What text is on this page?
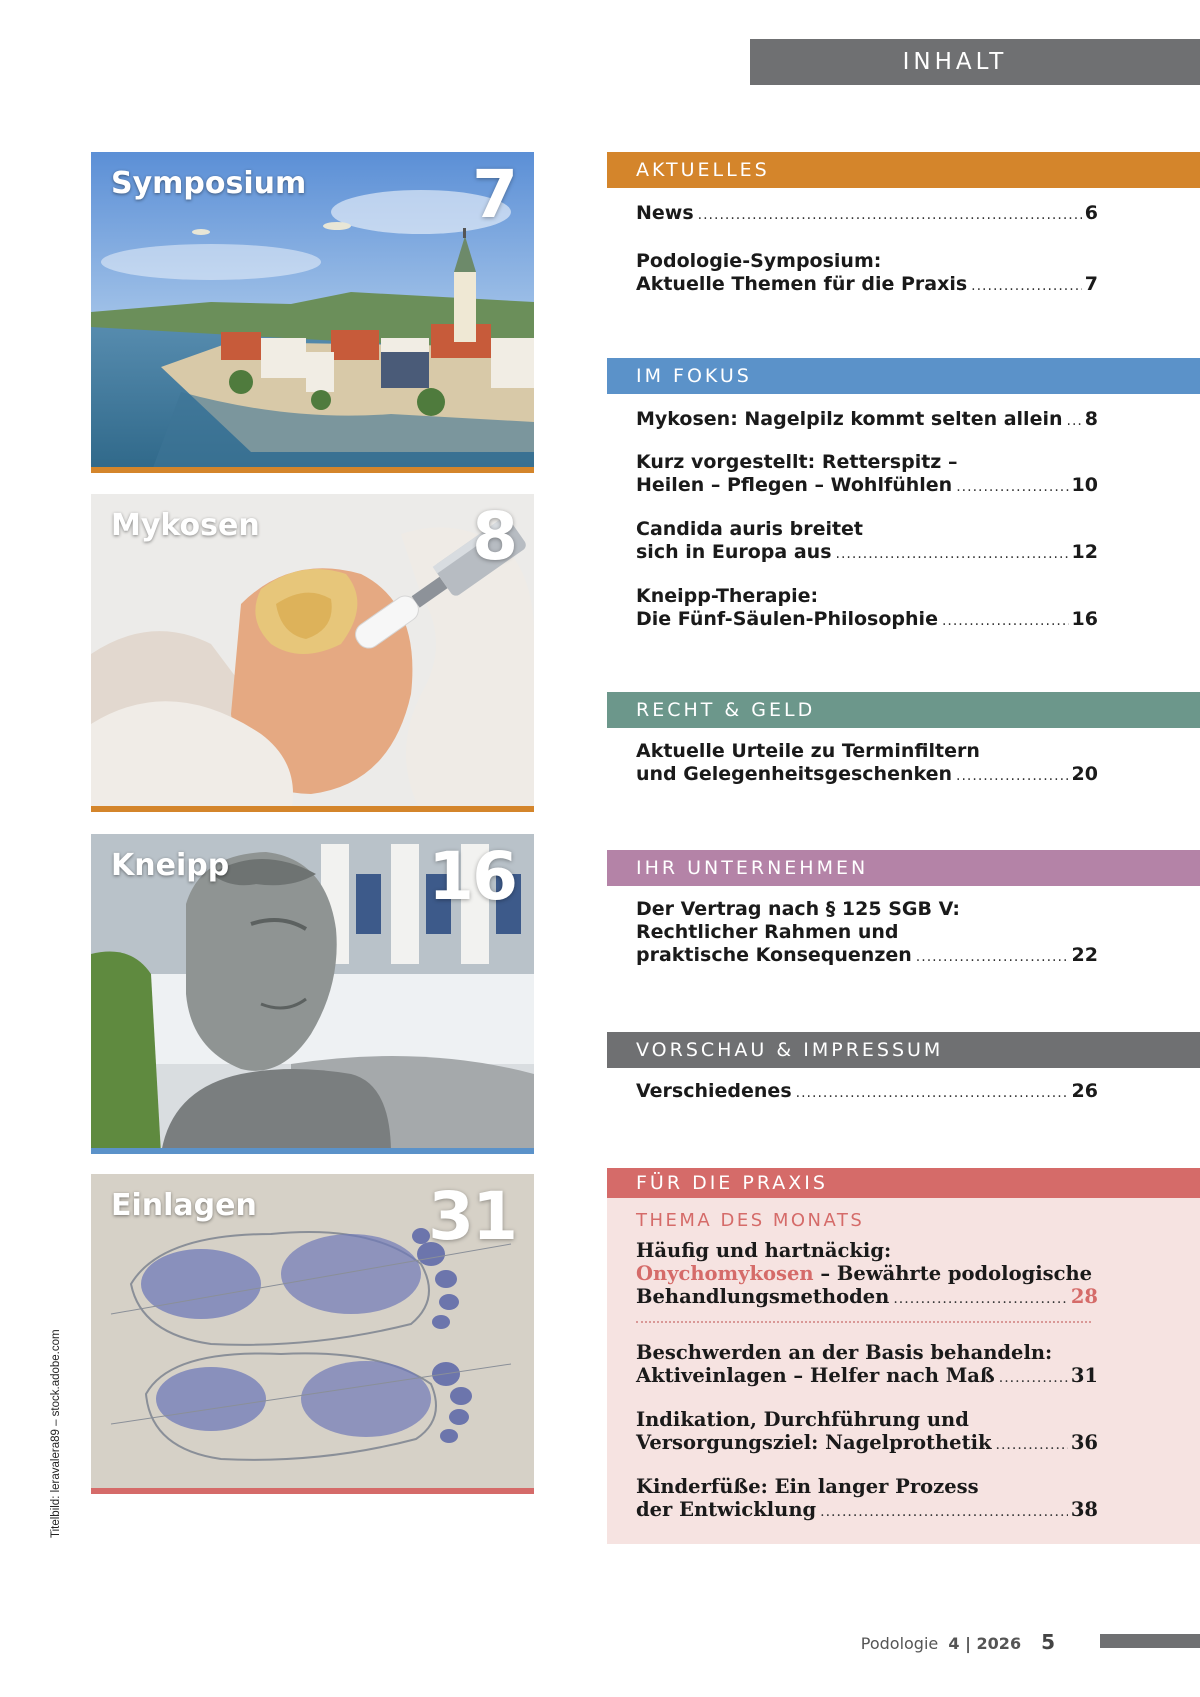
INHALT
Symposium	7
Mykosen	8
Kneipp	16
Einlagen	31
AKTUELLES
News .....	6
Podologie-Symposium:
Aktuelle Themen für die Praxis .....	7
IM FOKUS
Mykosen: Nagelpilz kommt selten allein ..... 8
Kurz vorgestellt: Retterspitz –
Heilen – Pflegen – Wohlfühlen .....	10
Candida auris breitet
sich in Europa aus .....	12
Kneipp-Therapie:
Die Fünf-Säulen-Philosophie .....	16
RECHT & GELD
Aktuelle Urteile zu Terminfiltern
und Gelegenheitsgeschenken .....	20
IHR UNTERNEHMEN
Der Vertrag nach § 125 SGB V:
Rechtlicher Rahmen und
praktische Konsequenzen .....	22
VORSCHAU & IMPRESSUM
Verschiedenes .....	26
FÜR DIE PRAXIS
THEMA DES MONATS
Häufig und hartnäckig:
Onychomykosen – Bewährte podologische
Behandlungsmethoden .....	28
Beschwerden an der Basis behandeln:
Aktiveinlagen – Helfer nach Maß .....	31
Indikation, Durchführung und
Versorgungsziel: Nagelprothetik .....	36
Kinderfüße: Ein langer Prozess
der Entwicklung .....	38
Titelbild: leravalera89 – stock.adobe.com
Podologie
4 | 2026 5
